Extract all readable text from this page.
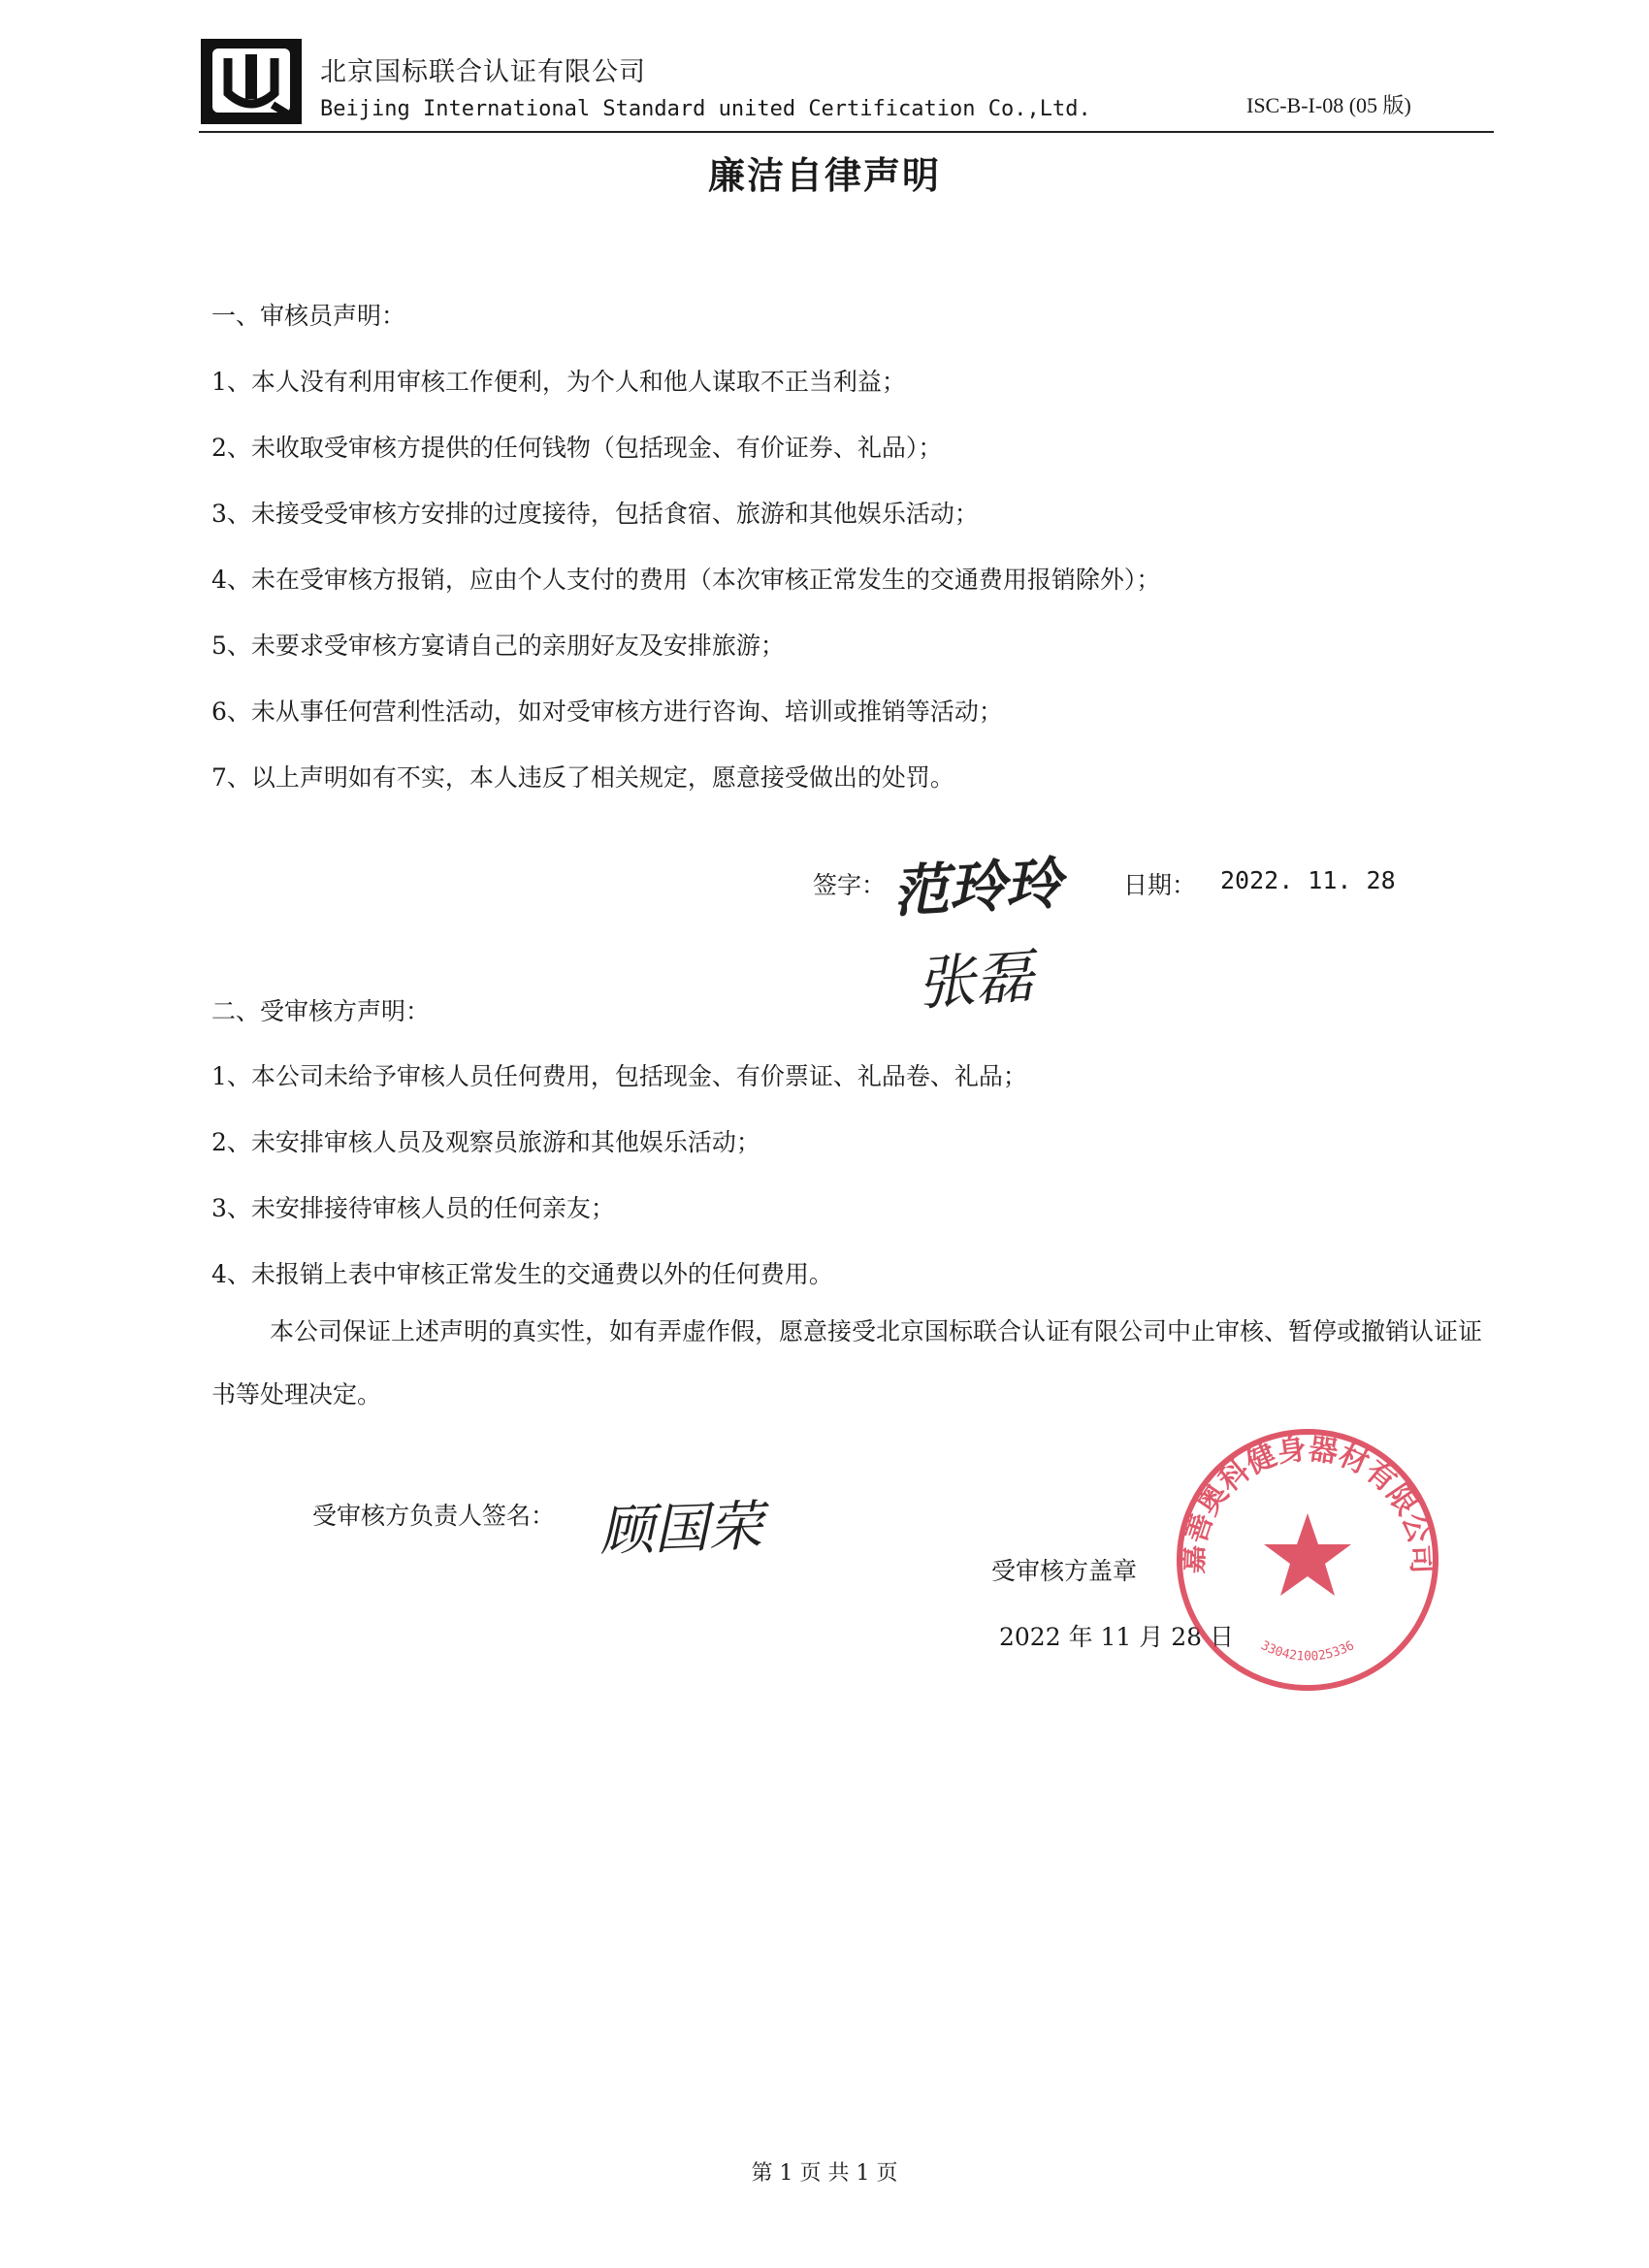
北京国标联合认证有限公司
Beijing International Standard united Certification Co.,Ltd.	ISC-B-I-08 (05 版)
廉洁自律声明
一、审核员声明：
1、本人没有利用审核工作便利，为个人和他人谋取不正当利益；
2、未收取受审核方提供的任何钱物（包括现金、有价证券、礼品）；
3、未接受受审核方安排的过度接待，包括食宿、旅游和其他娱乐活动；
4、未在受审核方报销，应由个人支付的费用（本次审核正常发生的交通费用报销除外）；
5、未要求受审核方宴请自己的亲朋好友及安排旅游；
6、未从事任何营利性活动，如对受审核方进行咨询、培训或推销等活动；
7、以上声明如有不实，本人违反了相关规定，愿意接受做出的处罚。
签字： 范玲玲
张磊
日期： 2022. 11. 28
二、受审核方声明：
1、本公司未给予审核人员任何费用，包括现金、有价票证、礼品卷、礼品；
2、未安排审核人员及观察员旅游和其他娱乐活动；
3、未安排接待审核人员的任何亲友；
4、未报销上表中审核正常发生的交通费以外的任何费用。
本公司保证上述声明的真实性，如有弄虚作假，愿意接受北京国标联合认证有限公司中止审核、暂停或撤销认证证书等处理决定。
受审核方负责人签名： 顾国荣
受审核方盖章
2022 年 11 月 28 日
嘉善奥科健身器材有限公司
3304210025336
第 1 页 共 1 页
